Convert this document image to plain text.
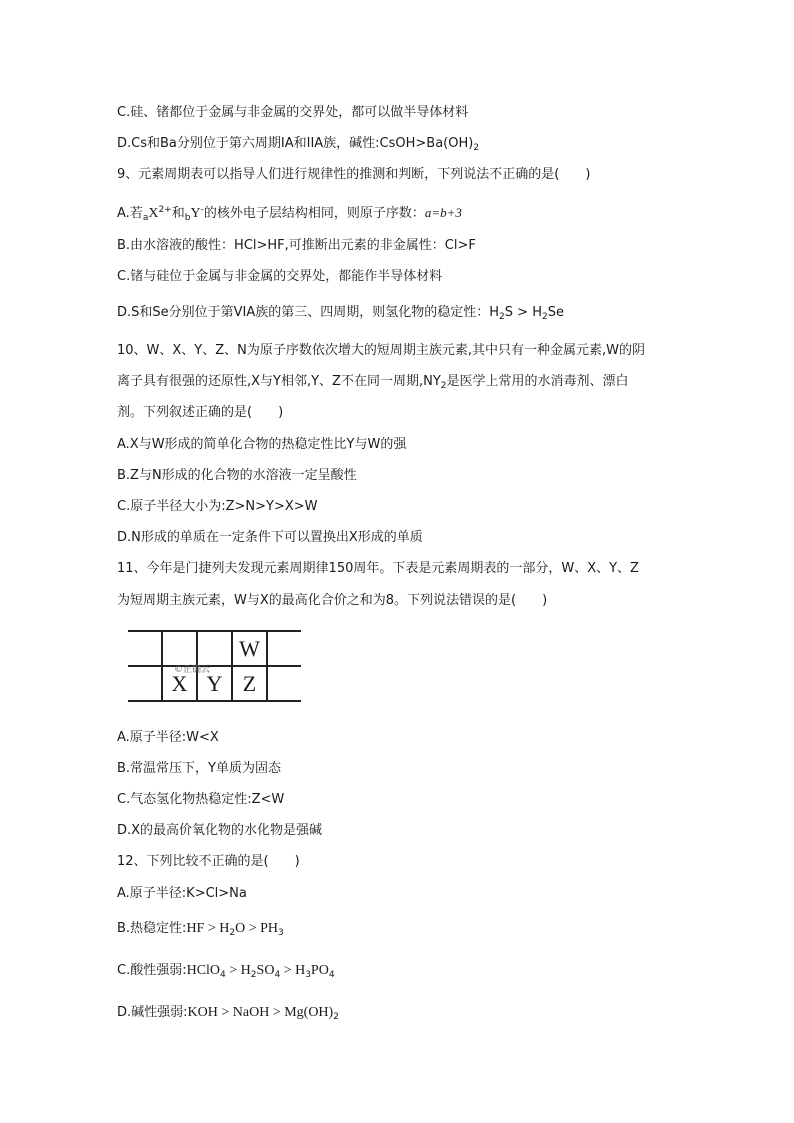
C.硅、锗都位于金属与非金属的交界处，都可以做半导体材料
D.Cs和Ba分别位于第六周期IA和IIA族，碱性$:CsOH>Ba(OH)_2$
9、元素周期表可以指导人们进行规律性的推测和判断，下列说法不正确的是(　　)
A.若$_aX^{2+}$和$_b$Y-的核外电子层结构相同，则原子序数：a=b+3
B.由水溶液的酸性：HCl>HF,可推断出元素的非金属性：Cl>F
C.锗与硅位于金属与非金属的交界处，都能作半导体材料
D.S和Se分别位于第VIA族的第三、四周期，则氢化物的稳定性：$H_2S > H_2Se$
10、W、X、Y、Z、N为原子序数依次增大的短周期主族元素,其中只有一种金属元素,W的阴
离子具有很强的还原性,X与Y相邻,Y、Z不在同一周期$,NY_2$是医学上常用的水消毒剂、漂白
剂。下列叙述正确的是(　　)
A.X与W形成的简单化合物的热稳定性比Y与W的强
B.Z与N形成的化合物的水溶液一定呈酸性
C.原子半径大小为:Z>N>Y>X>W
D.N形成的单质在一定条件下可以置换出X形成的单质
11、今年是门捷列夫发现元素周期律150周年。下表是元素周期表的一部分，W、X、Y、Z
为短周期主族元素，W与X的最高化合价之和为8。下列说法错误的是(　　)
			W	
	X	Y	Z	
©正确云
A.原子半径:W<X
B.常温常压下，Y单质为固态
C.气态氢化物热稳定性:Z<W
D.X的最高价氧化物的水化物是强碱
12、下列比较不正确的是(　　)
A.原子半径:K>Cl>Na
B.热稳定性:HF > $H_2O > PH_3$
C.酸性强弱:HClO$_4$ > $H_2SO_4 > H_3PO_4$
D.碱性强弱:KOH > NaOH > $Mg(OH)_2$
